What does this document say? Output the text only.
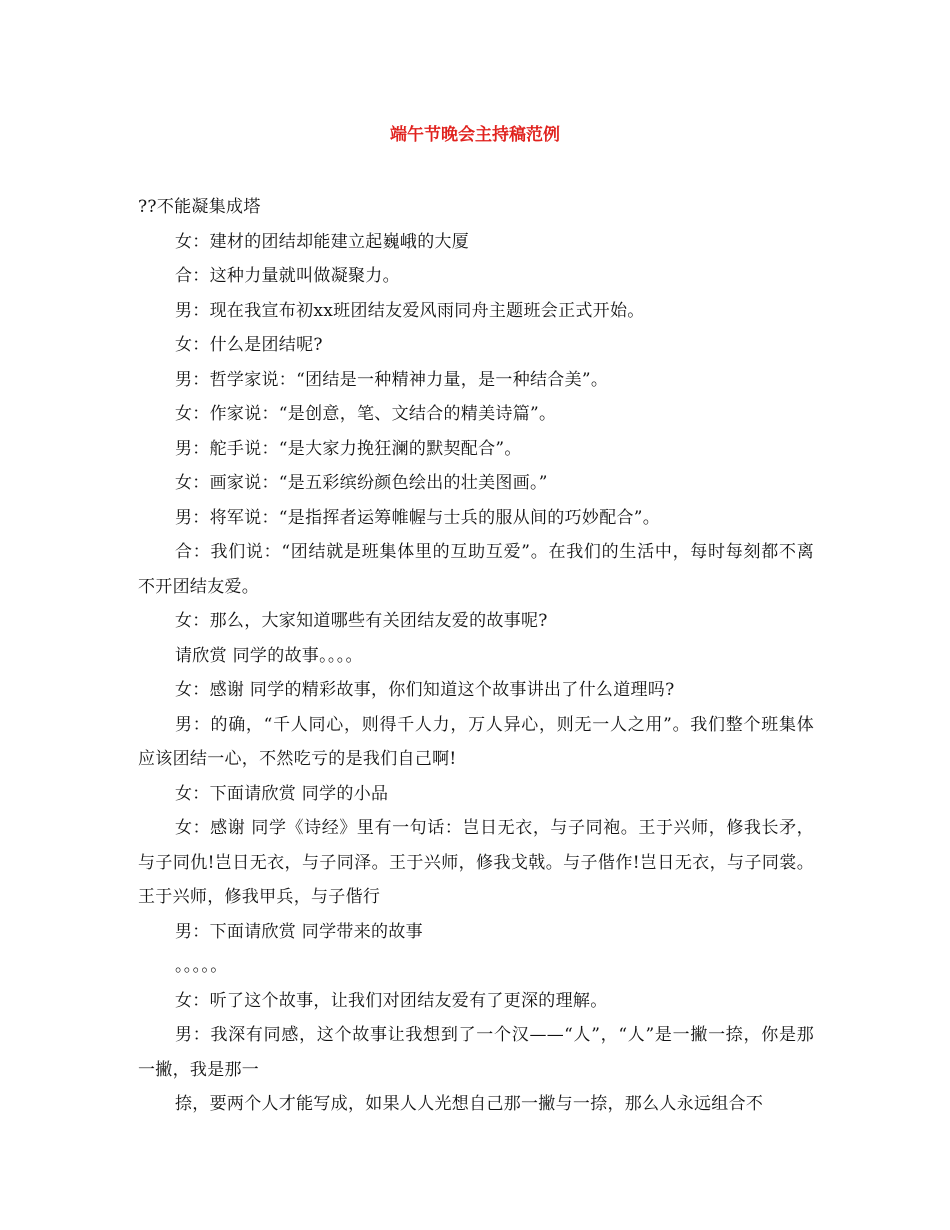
端午节晚会主持稿范例

??不能凝集成塔

女：建材的团结却能建立起巍峨的大厦

合：这种力量就叫做凝聚力。

男：现在我宣布初xx班团结友爱风雨同舟主题班会正式开始。

女：什么是团结呢?

男：哲学家说：“团结是一种精神力量，是一种结合美”。

女：作家说：“是创意，笔、文结合的精美诗篇”。

男：舵手说：“是大家力挽狂澜的默契配合”。

女：画家说：“是五彩缤纷颜色绘出的壮美图画。”

男：将军说：“是指挥者运筹帷幄与士兵的服从间的巧妙配合”。

合：我们说：“团结就是班集体里的互助互爱”。在我们的生活中，每时每刻都不离不开团结友爱。

女：那么，大家知道哪些有关团结友爱的故事呢?

请欣赏 同学的故事。。。。

女：感谢 同学的精彩故事，你们知道这个故事讲出了什么道理吗?

男：的确，“千人同心，则得千人力，万人异心，则无一人之用”。我们整个班集体应该团结一心，不然吃亏的是我们自己啊!

女：下面请欣赏 同学的小品

女：感谢 同学《诗经》里有一句话：岂日无衣，与子同袍。王于兴师，修我长矛，与子同仇!岂日无衣，与子同泽。王于兴师，修我戈戟。与子偕作!岂日无衣，与子同裳。王于兴师，修我甲兵，与子偕行

男：下面请欣赏 同学带来的故事

。。。。。

女：听了这个故事，让我们对团结友爱有了更深的理解。

男：我深有同感，这个故事让我想到了一个汉——“人”，“人”是一撇一捺，你是那一撇，我是那一

捺，要两个人才能写成，如果人人光想自己那一撇与一捺，那么人永远组合不
